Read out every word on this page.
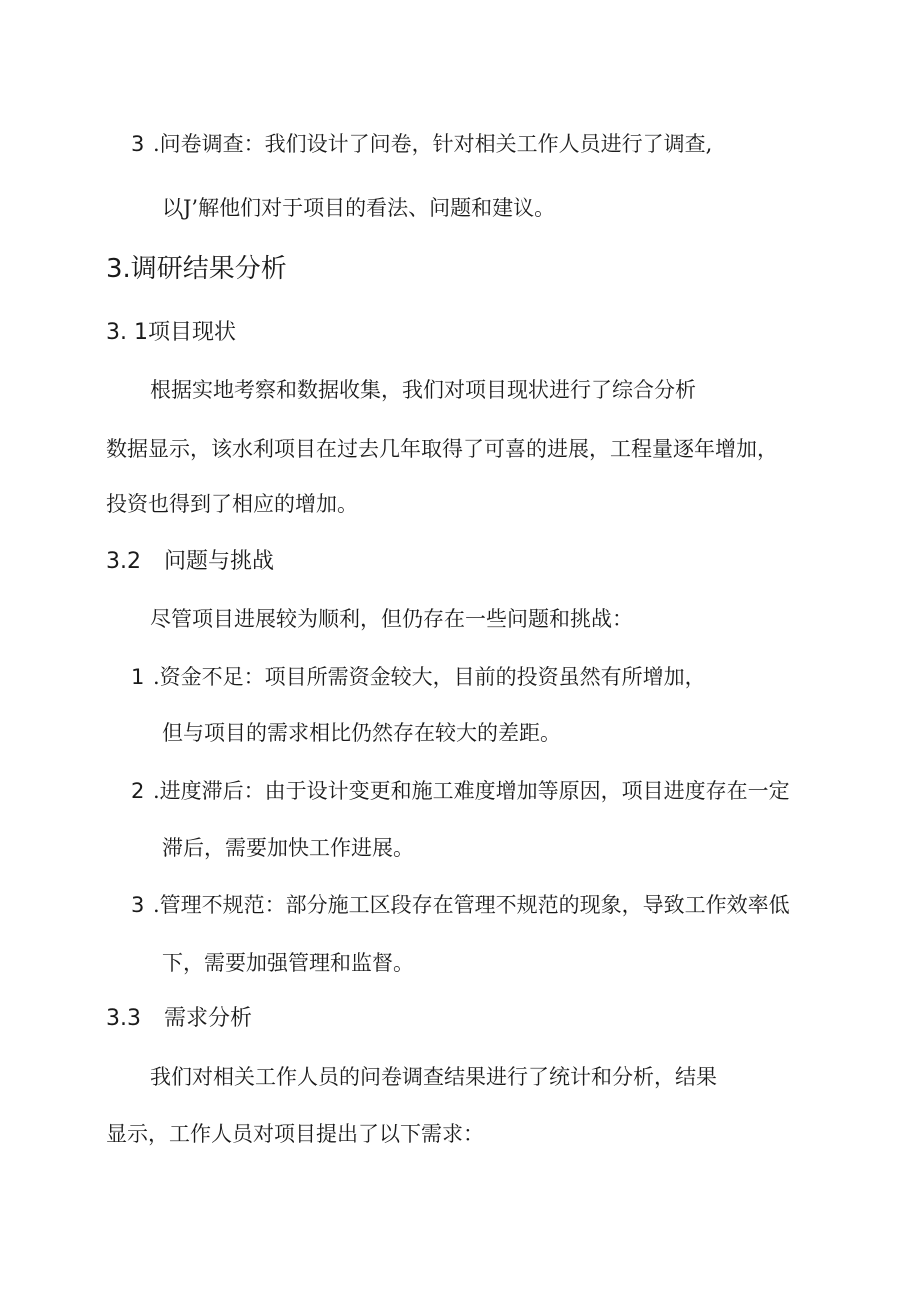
3 .问卷调查：我们设计了问卷，针对相关工作人员进行了调查,
以J’解他们对于项目的看法、问题和建议。
3.调研结果分析
3. 1项目现状
根据实地考察和数据收集，我们对项目现状进行了综合分析
数据显示，该水利项目在过去几年取得了可喜的进展，工程量逐年增加，
投资也得到了相应的增加。
3.2 问题与挑战
尽管项目进展较为顺利，但仍存在一些问题和挑战：
1 .资金不足：项目所需资金较大，目前的投资虽然有所增加，
但与项目的需求相比仍然存在较大的差距。
2 .进度滞后：由于设计变更和施工难度增加等原因，项目进度存在一定
滞后，需要加快工作进展。
3 .管理不规范：部分施工区段存在管理不规范的现象，导致工作效率低
下，需要加强管理和监督。
3.3 需求分析
我们对相关工作人员的问卷调查结果进行了统计和分析，结果
显示，工作人员对项目提出了以下需求：
